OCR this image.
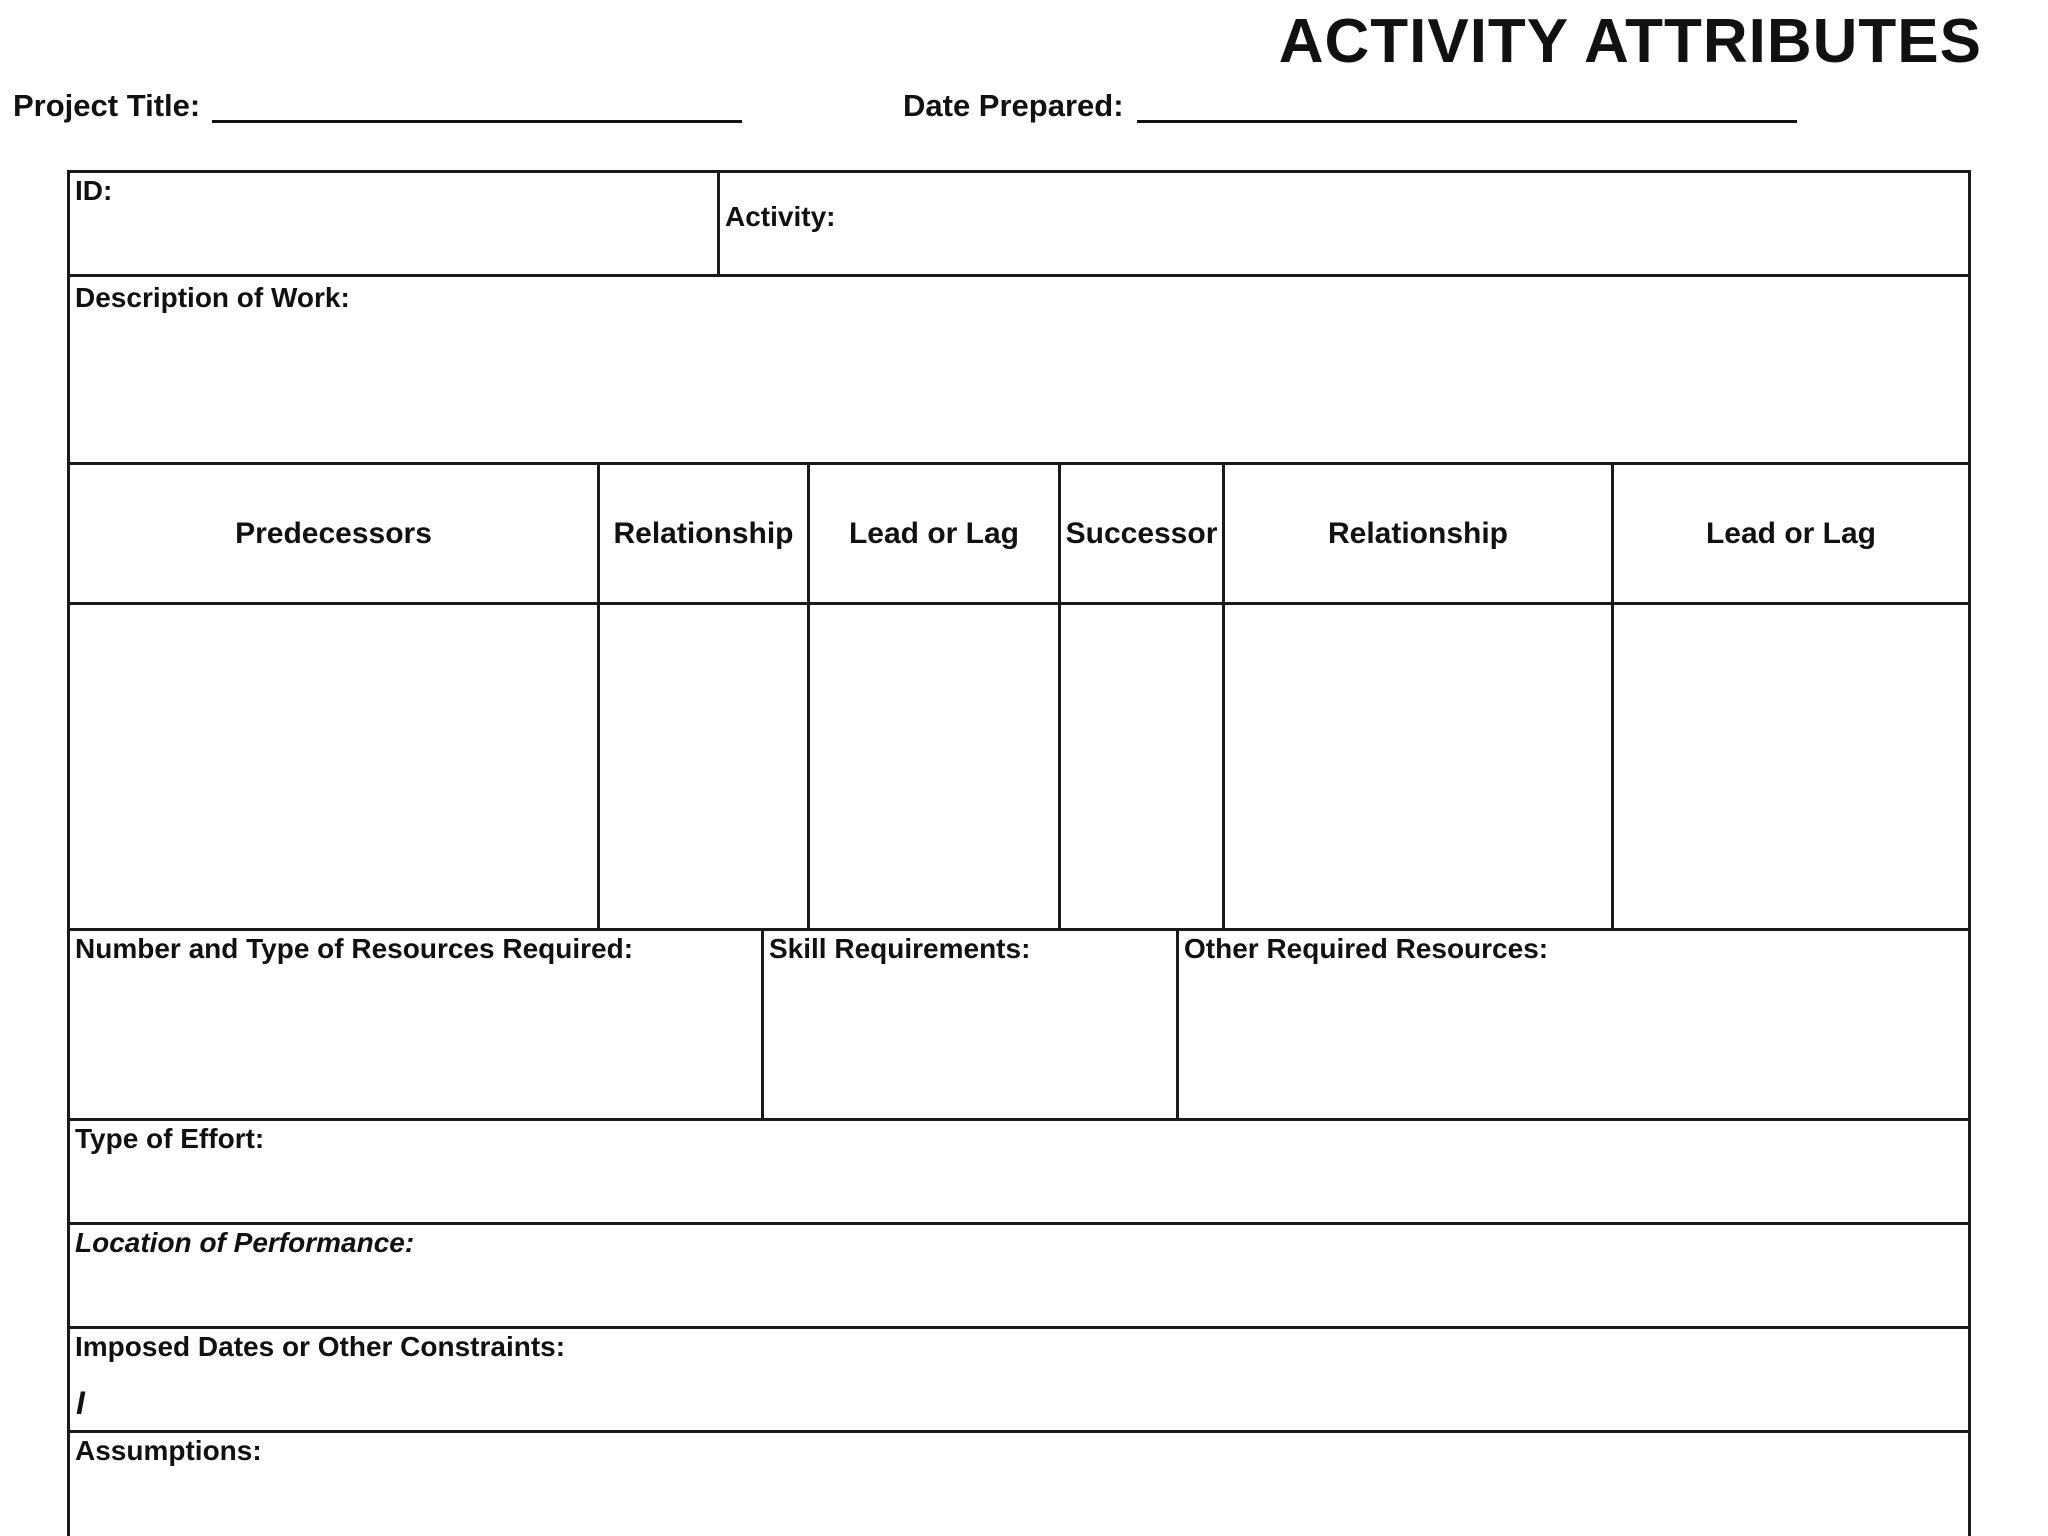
ACTIVITY ATTRIBUTES
Project Title:	Date Prepared:
ID:
Activity:
Description of Work:
Predecessors	Relationship	Lead or Lag	Successor	Relationship	Lead or Lag
Number and Type of Resources Required:	Skill Requirements:	Other Required Resources:
Type of Effort:
Location of Performance:
Imposed Dates or Other Constraints:
I
Assumptions:
